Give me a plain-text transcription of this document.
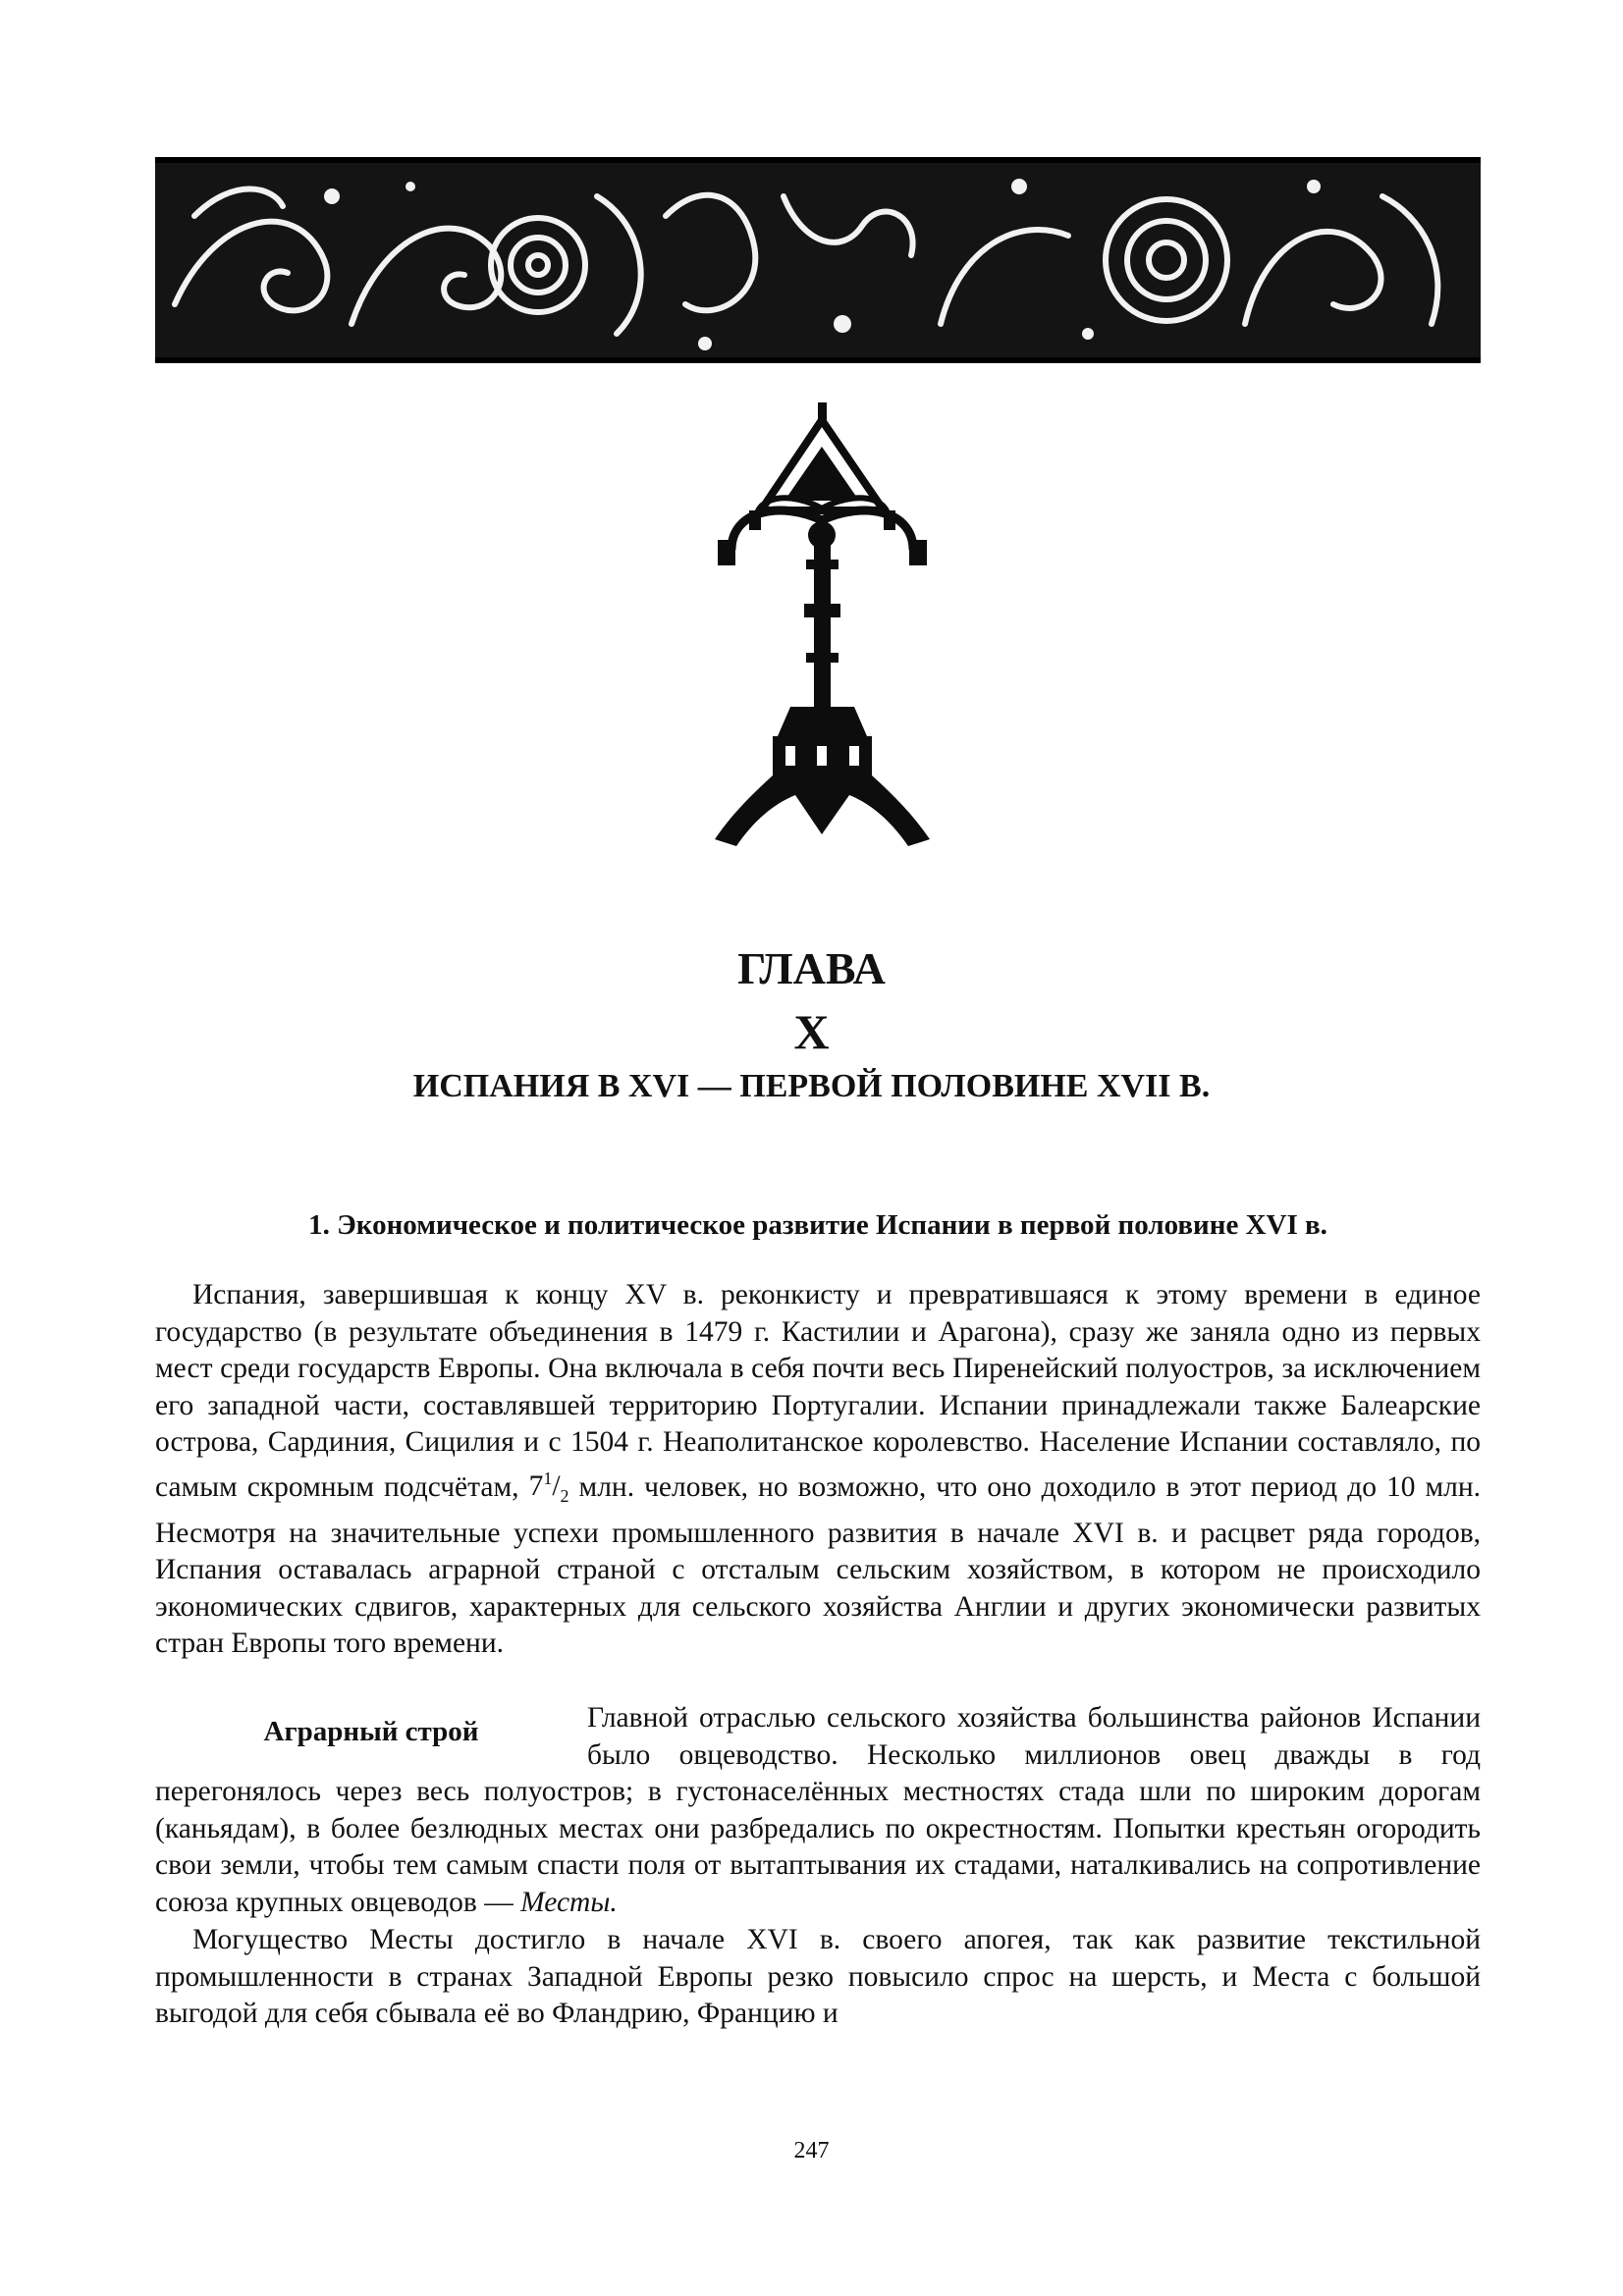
ГЛАВА
X
ИСПАНИЯ В XVI — ПЕРВОЙ ПОЛОВИНЕ XVII В.
1. Экономическое и политическое развитие Испании в первой половине XVI в.

Испания, завершившая к концу XV в. реконкисту и превратившаяся к этому времени в единое государство (в результате объединения в 1479 г. Кастилии и Арагона), сразу же заняла одно из первых мест среди государств Европы. Она включала в себя почти весь Пиренейский полуостров, за исключением его западной части, составлявшей территорию Португалии. Испании принадлежали также Балеарские острова, Сардиния, Сицилия и с 1504 г. Неаполитанское королевство. Население Испании составляло, по самым скромным подсчётам, $7^1/_2$ млн. человек, но возможно, что оно доходило в этот период до 10 млн. Несмотря на значительные успехи промышленного развития в начале XVI в. и расцвет ряда городов, Испания оставалась аграрной страной с отсталым сельским хозяйством, в котором не происходило экономических сдвигов, характерных для сельского хозяйства Англии и других экономически развитых стран Европы того времени.

Аграрный строй	Главной отраслью сельского хозяйства большинства районов Испании было овцеводство. Несколько миллионов овец дважды в год перегонялось через весь полуостров; в густонаселённых местностях стада шли по широким дорогам (каньядам), в более безлюдных местах они разбредались по окрестностям. Попытки крестьян огородить свои земли, чтобы тем самым спасти поля от вытаптывания их стадами, наталкивались на сопротивление союза крупных овцеводов — Месты.

Могущество Месты достигло в начале XVI в. своего апогея, так как развитие текстильной промышленности в странах Западной Европы резко повысило спрос на шерсть, и Места с большой выгодой для себя сбывала её во Фландрию, Францию и

247
